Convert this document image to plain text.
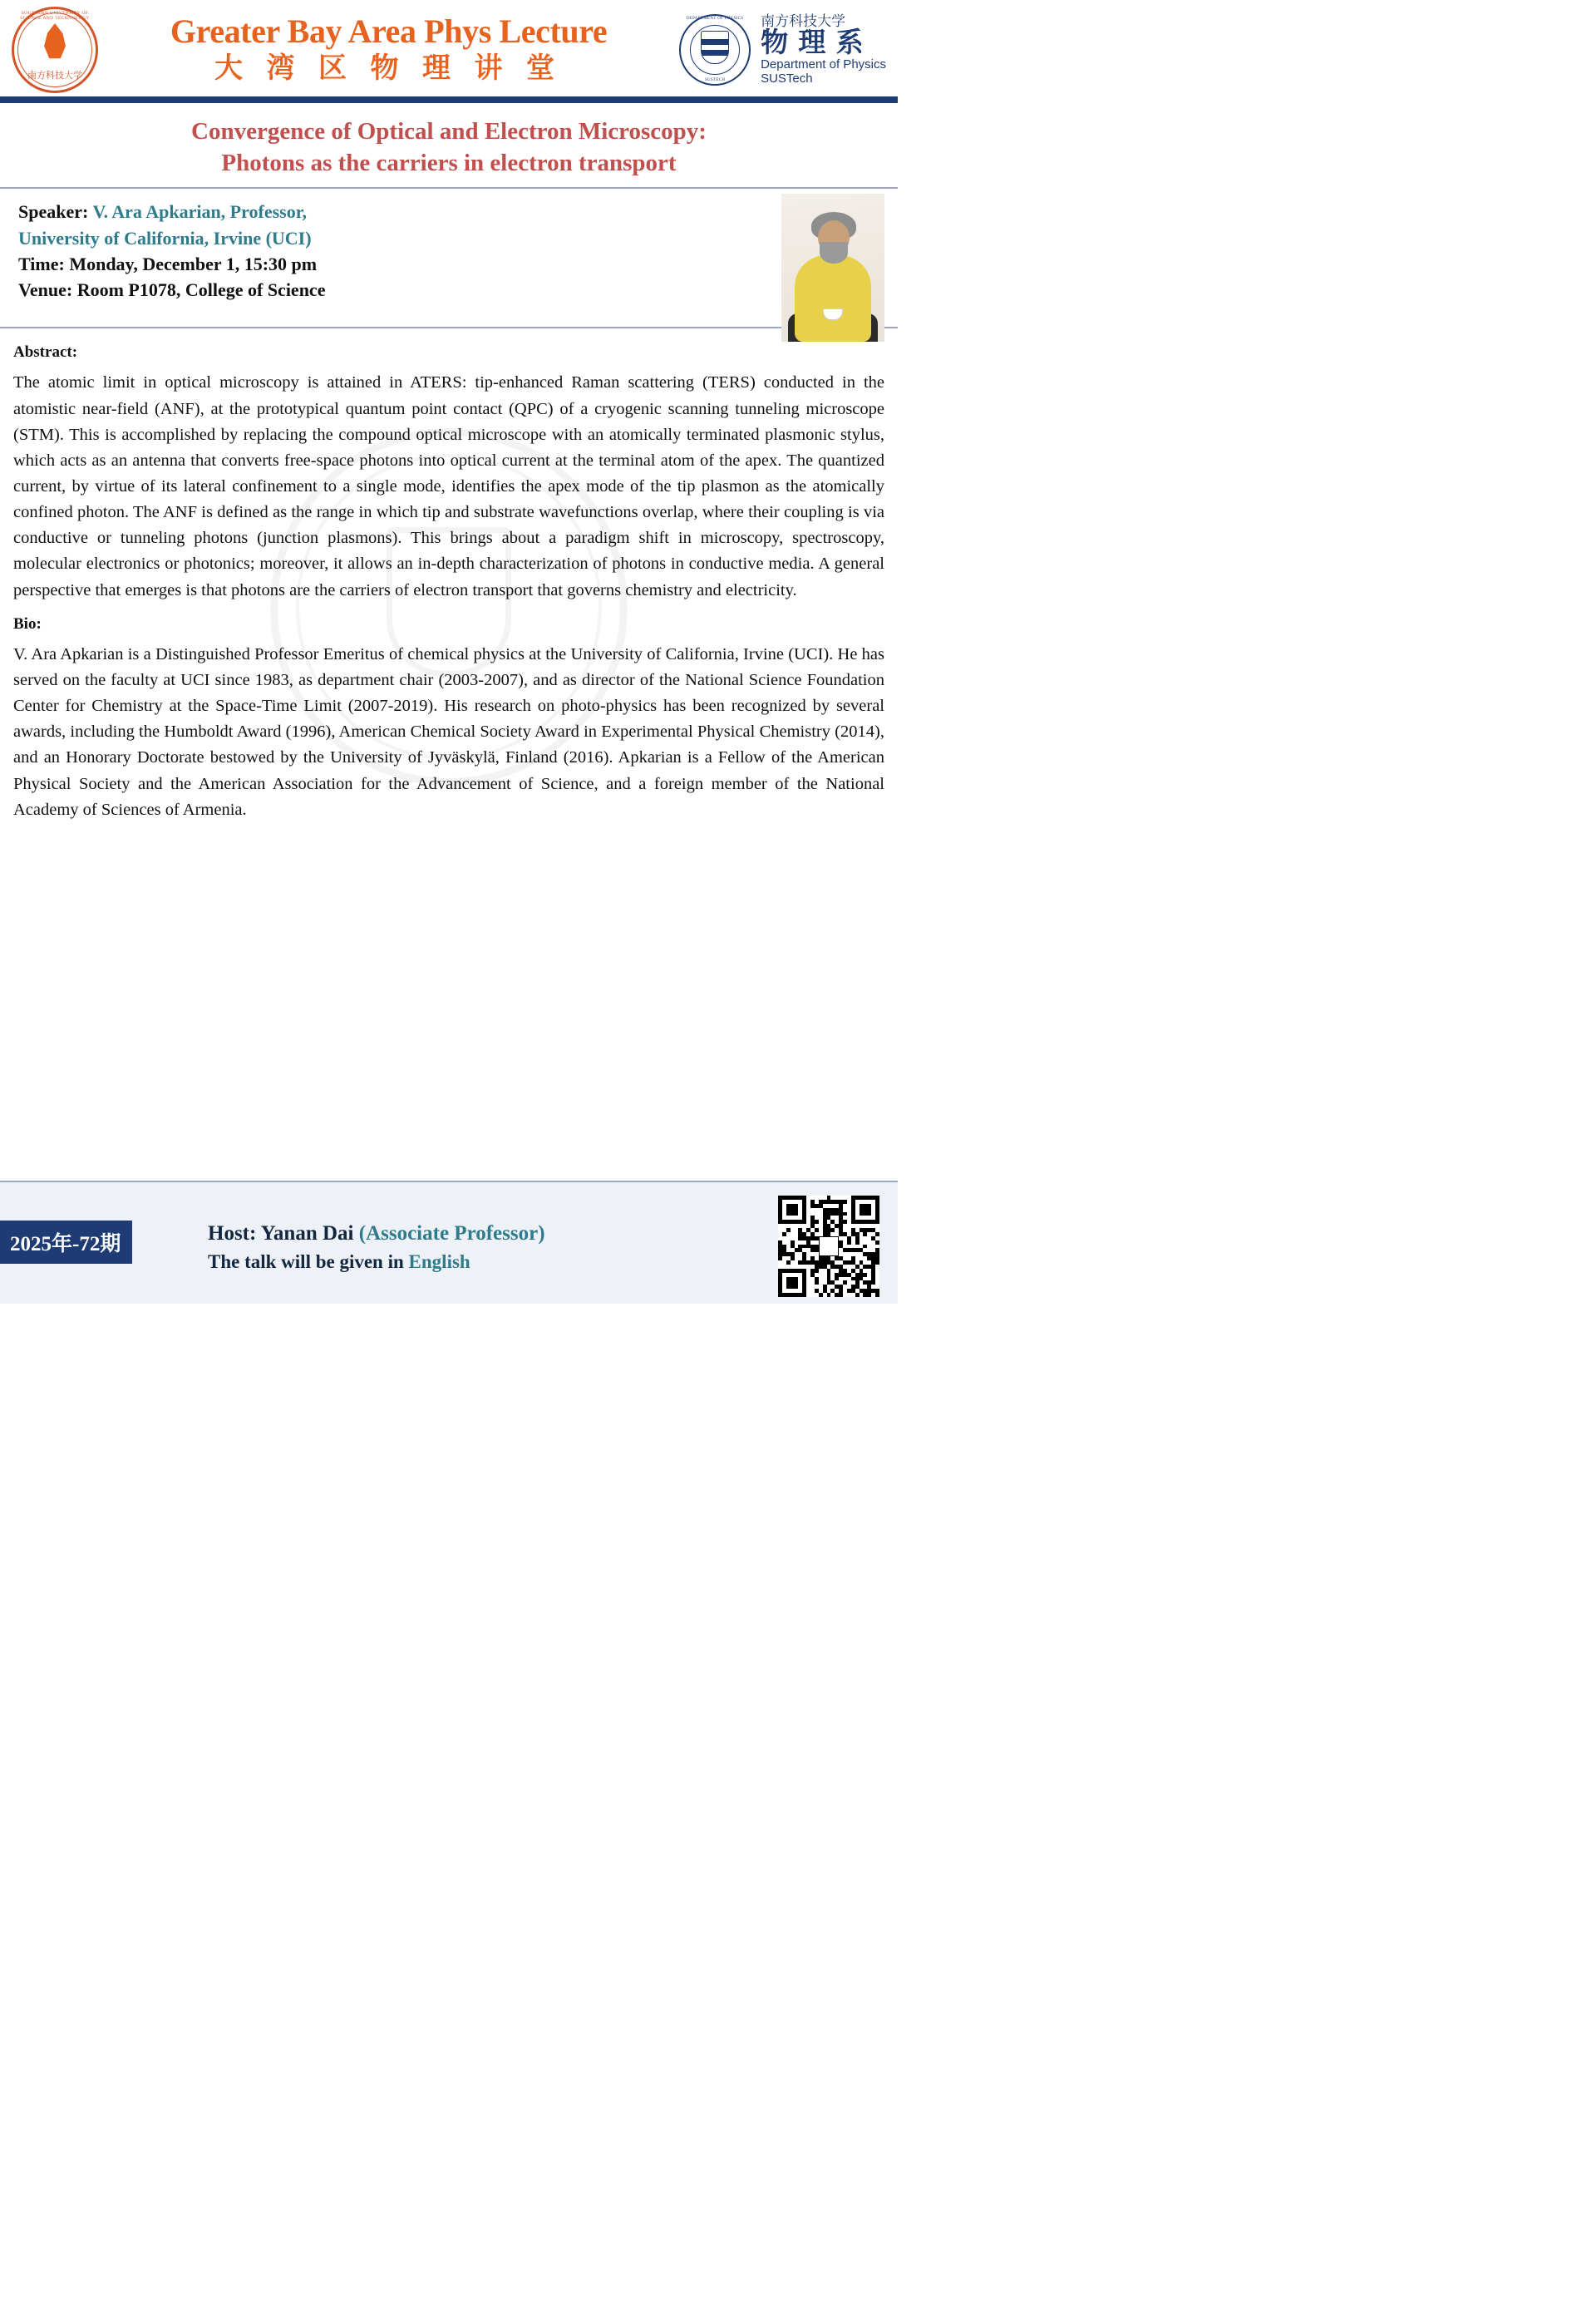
SOUTHERN UNIVERSITY OF SCIENCE AND TECHNOLOGY
南方科技大学
Greater Bay Area Phys Lecture
大 湾 区 物 理 讲 堂
DEPARTMENT OF PHYSICS
SUSTECH
南方科技大学
物 理 系
Department of Physics
SUSTech
Convergence of Optical and Electron Microscopy:
Photons as the carriers in electron transport
Speaker: V. Ara Apkarian, Professor,
University of California, Irvine (UCI)
Time: Monday, December 1, 15:30 pm
Venue: Room P1078, College of Science
Abstract:

The atomic limit in optical microscopy is attained in ATERS: tip-enhanced Raman scattering (TERS) conducted in the atomistic near-field (ANF), at the prototypical quantum point contact (QPC) of a cryogenic scanning tunneling microscope (STM). This is accomplished by replacing the compound optical microscope with an atomically terminated plasmonic stylus, which acts as an antenna that converts free-space photons into optical current at the terminal atom of the apex. The quantized current, by virtue of its lateral confinement to a single mode, identifies the apex mode of the tip plasmon as the atomically confined photon. The ANF is defined as the range in which tip and substrate wavefunctions overlap, where their coupling is via conductive or tunneling photons (junction plasmons). This brings about a paradigm shift in microscopy, spectroscopy, molecular electronics or photonics; moreover, it allows an in-depth characterization of photons in conductive media. A general perspective that emerges is that photons are the carriers of electron transport that governs chemistry and electricity.

Bio:

V. Ara Apkarian is a Distinguished Professor Emeritus of chemical physics at the University of California, Irvine (UCI). He has served on the faculty at UCI since 1983, as department chair (2003-2007), and as director of the National Science Foundation Center for Chemistry at the Space-Time Limit (2007-2019). His research on photo-physics has been recognized by several awards, including the Humboldt Award (1996), American Chemical Society Award in Experimental Physical Chemistry (2014), and an Honorary Doctorate bestowed by the University of Jyväskylä, Finland (2016). Apkarian is a Fellow of the American Physical Society and the American Association for the Advancement of Science, and a foreign member of the National Academy of Sciences of Armenia.

2025年-72期	Host: Yanan Dai (Associate Professor)
The talk will be given in English
